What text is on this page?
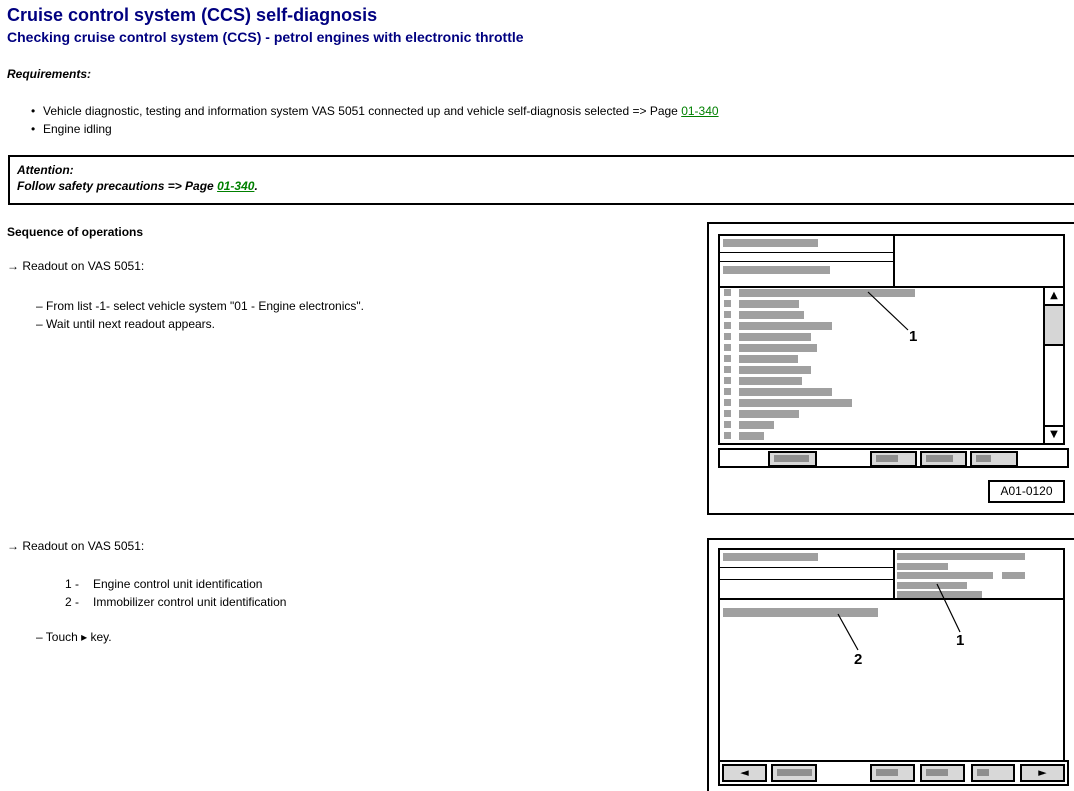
Cruise control system (CCS) self-diagnosis
Checking cruise control system (CCS) - petrol engines with electronic throttle
Requirements:
•
Vehicle diagnostic, testing and information system VAS 5051 connected up and vehicle self-diagnosis selected => Page 01-340
•
Engine idling
Attention:
Follow safety precautions => Page 01-340.
Sequence of operations
→ Readout on VAS 5051:
– From list -1- select vehicle system "01 - Engine electronics".
– Wait until next readout appears.
→ Readout on VAS 5051:
1 -	Engine control unit identification
2 -	Immobilizer control unit identification
– Touch ▸ key.
▲
▼
1
A01-0120
1
2
◄	►
